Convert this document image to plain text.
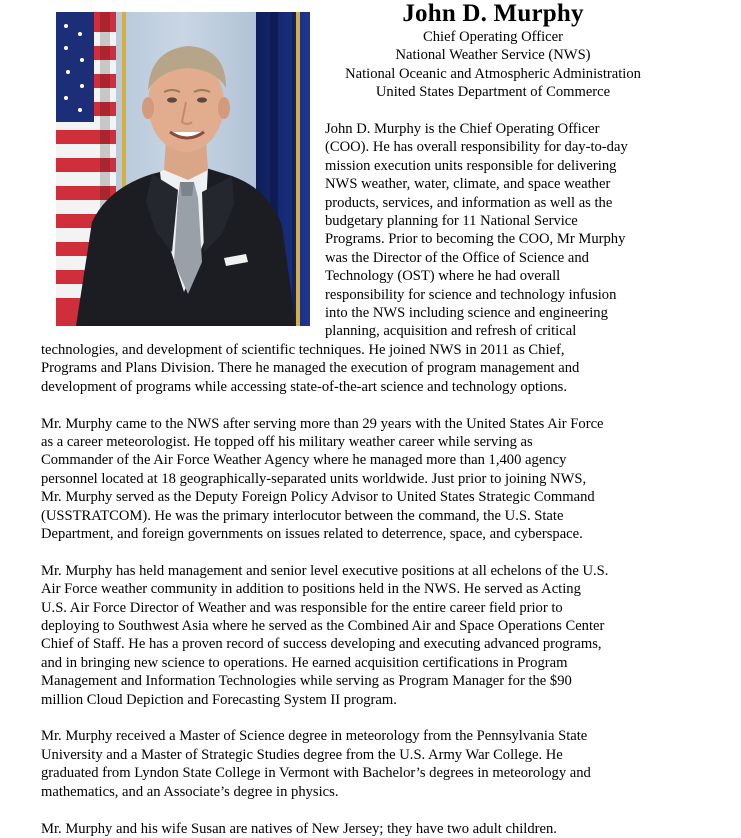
John D. Murphy
Chief Operating Officer
National Weather Service (NWS)
National Oceanic and Atmospheric Administration
United States Department of Commerce
John D. Murphy is the Chief Operating Officer
(COO). He has overall responsibility for day-to-day
mission execution units responsible for delivering
NWS weather, water, climate, and space weather
products, services, and information as well as the
budgetary planning for 11 National Service
Programs. Prior to becoming the COO, Mr Murphy
was the Director of the Office of Science and
Technology (OST) where he had overall
responsibility for science and technology infusion
into the NWS including science and engineering
planning, acquisition and refresh of critical
technologies, and development of scientific techniques. He joined NWS in 2011 as Chief,
Programs and Plans Division. There he managed the execution of program management and
development of programs while accessing state-of-the-art science and technology options.
Mr. Murphy came to the NWS after serving more than 29 years with the United States Air Force
as a career meteorologist. He topped off his military weather career while serving as
Commander of the Air Force Weather Agency where he managed more than 1,400 agency
personnel located at 18 geographically-separated units worldwide. Just prior to joining NWS,
Mr. Murphy served as the Deputy Foreign Policy Advisor to United States Strategic Command
(USSTRATCOM). He was the primary interlocutor between the command, the U.S. State
Department, and foreign governments on issues related to deterrence, space, and cyberspace.
Mr. Murphy has held management and senior level executive positions at all echelons of the U.S.
Air Force weather community in addition to positions held in the NWS. He served as Acting
U.S. Air Force Director of Weather and was responsible for the entire career field prior to
deploying to Southwest Asia where he served as the Combined Air and Space Operations Center
Chief of Staff. He has a proven record of success developing and executing advanced programs,
and in bringing new science to operations. He earned acquisition certifications in Program
Management and Information Technologies while serving as Program Manager for the $90
million Cloud Depiction and Forecasting System II program.
Mr. Murphy received a Master of Science degree in meteorology from the Pennsylvania State
University and a Master of Strategic Studies degree from the U.S. Army War College. He
graduated from Lyndon State College in Vermont with Bachelor’s degrees in meteorology and
mathematics, and an Associate’s degree in physics.
Mr. Murphy and his wife Susan are natives of New Jersey; they have two adult children.
